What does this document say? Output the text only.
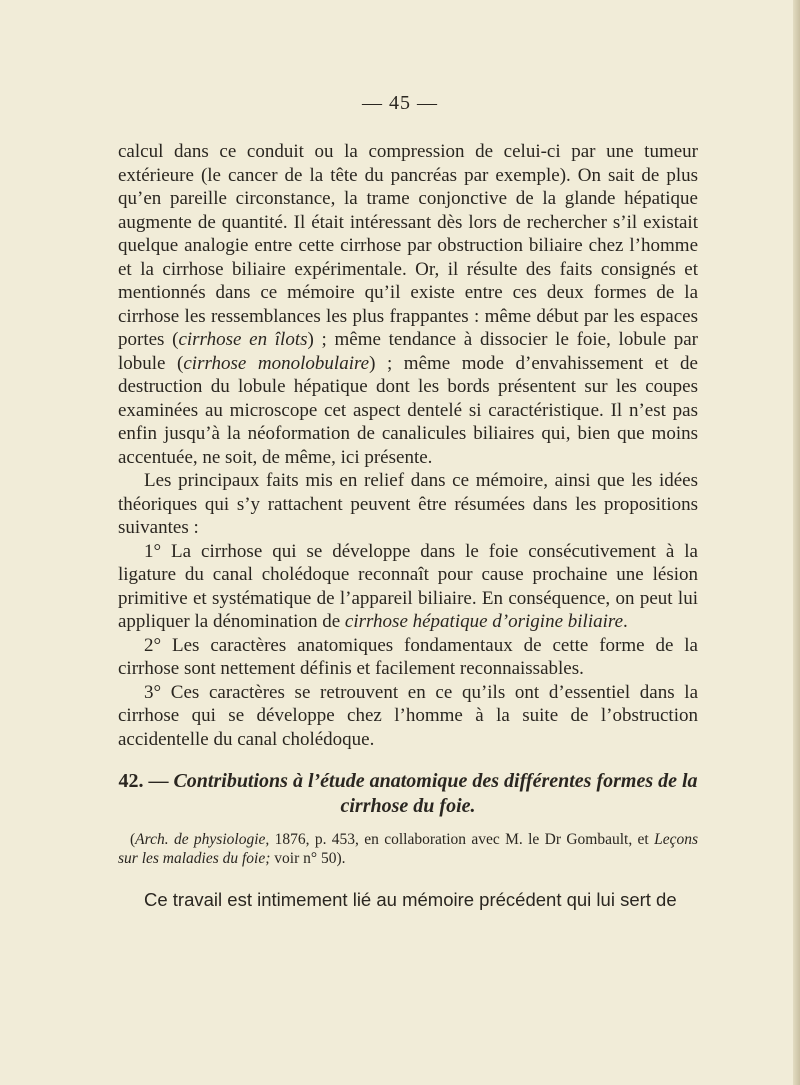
— 45 —

calcul dans ce conduit ou la compression de celui-ci par une tumeur extérieure (le cancer de la tête du pancréas par exemple). On sait de plus qu’en pareille circonstance, la trame conjonctive de la glande hépatique augmente de quantité. Il était intéressant dès lors de rechercher s’il existait quelque analogie entre cette cirrhose par obstruction biliaire chez l’homme et la cirrhose biliaire expérimentale. Or, il résulte des faits consignés et mentionnés dans ce mémoire qu’il existe entre ces deux formes de la cirrhose les ressemblances les plus frappantes : même début par les espaces portes (cirrhose en îlots) ; même tendance à dissocier le foie, lobule par lobule (cirrhose monolobulaire) ; même mode d’envahissement et de destruction du lobule hépatique dont les bords présentent sur les coupes examinées au microscope cet aspect dentelé si caractéristique. Il n’est pas enfin jusqu’à la néoformation de canalicules biliaires qui, bien que moins accentuée, ne soit, de même, ici présente.

Les principaux faits mis en relief dans ce mémoire, ainsi que les idées théoriques qui s’y rattachent peuvent être résumées dans les propositions suivantes :

1° La cirrhose qui se développe dans le foie consécutivement à la ligature du canal cholédoque reconnaît pour cause prochaine une lésion primitive et systématique de l’appareil biliaire. En conséquence, on peut lui appliquer la dénomination de cirrhose hépatique d’origine biliaire.

2° Les caractères anatomiques fondamentaux de cette forme de la cirrhose sont nettement définis et facilement reconnaissables.

3° Ces caractères se retrouvent en ce qu’ils ont d’essentiel dans la cirrhose qui se développe chez l’homme à la suite de l’obstruction accidentelle du canal cholédoque.

42. — Contributions à l’étude anatomique des différentes formes de la cirrhose du foie.

(Arch. de physiologie, 1876, p. 453, en collaboration avec M. le Dr Gombault, et Leçons sur les maladies du foie; voir n° 50).

Ce travail est intimement lié au mémoire précédent qui lui sert de
